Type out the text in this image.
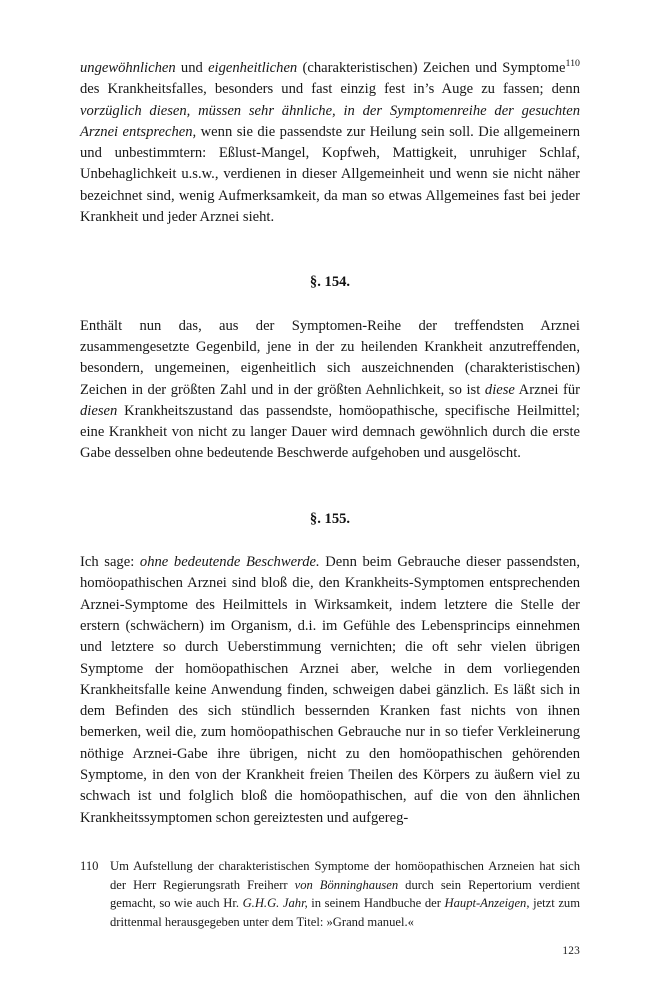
ungewöhnlichen und eigenheitlichen (charakteristischen) Zeichen und Symptome$^{110}$ des Krankheitsfalles, besonders und fast einzig fest in’s Auge zu fassen; denn vorzüglich diesen, müssen sehr ähnliche, in der Symptomenreihe der gesuchten Arznei entsprechen, wenn sie die passendste zur Heilung sein soll. Die allgemeinern und unbestimmtern: Eßlust-Mangel, Kopfweh, Mattigkeit, unruhiger Schlaf, Unbehaglichkeit u.s.w., verdienen in dieser Allgemeinheit und wenn sie nicht näher bezeichnet sind, wenig Aufmerksamkeit, da man so etwas Allgemeines fast bei jeder Krankheit und jeder Arznei sieht.

§. 154.

Enthält nun das, aus der Symptomen-Reihe der treffendsten Arznei zusammengesetzte Gegenbild, jene in der zu heilenden Krankheit anzutreffenden, besondern, ungemeinen, eigenheitlich sich auszeichnenden (charakteristischen) Zeichen in der größten Zahl und in der größten Aehnlichkeit, so ist diese Arznei für diesen Krankheitszustand das passendste, homöopathische, specifische Heilmittel; eine Krankheit von nicht zu langer Dauer wird demnach gewöhnlich durch die erste Gabe desselben ohne bedeutende Beschwerde aufgehoben und ausgelöscht.

§. 155.

Ich sage: ohne bedeutende Beschwerde. Denn beim Gebrauche dieser passendsten, homöopathischen Arznei sind bloß die, den Krankheits-Symptomen entsprechenden Arznei-Symptome des Heilmittels in Wirksamkeit, indem letztere die Stelle der erstern (schwächern) im Organism, d.i. im Gefühle des Lebensprincips einnehmen und letztere so durch Ueberstimmung vernichten; die oft sehr vielen übrigen Symptome der homöopathischen Arznei aber, welche in dem vorliegenden Krankheitsfalle keine Anwendung finden, schweigen dabei gänzlich. Es läßt sich in dem Befinden des sich stündlich bessernden Kranken fast nichts von ihnen bemerken, weil die, zum homöopathischen Gebrauche nur in so tiefer Verkleinerung nöthige Arznei-Gabe ihre übrigen, nicht zu den homöopathischen gehörenden Symptome, in den von der Krankheit freien Theilen des Körpers zu äußern viel zu schwach ist und folglich bloß die homöopathischen, auf die von den ähnlichen Krankheitssymptomen schon gereiztesten und aufgereg-

110 Um Aufstellung der charakteristischen Symptome der homöopathischen Arzneien hat sich der Herr Regierungsrath Freiherr von Bönninghausen durch sein Repertorium verdient gemacht, so wie auch Hr. G.H.G. Jahr, in seinem Handbuche der Haupt-Anzeigen, jetzt zum drittenmal herausgegeben unter dem Titel: »Grand manuel.«
123
